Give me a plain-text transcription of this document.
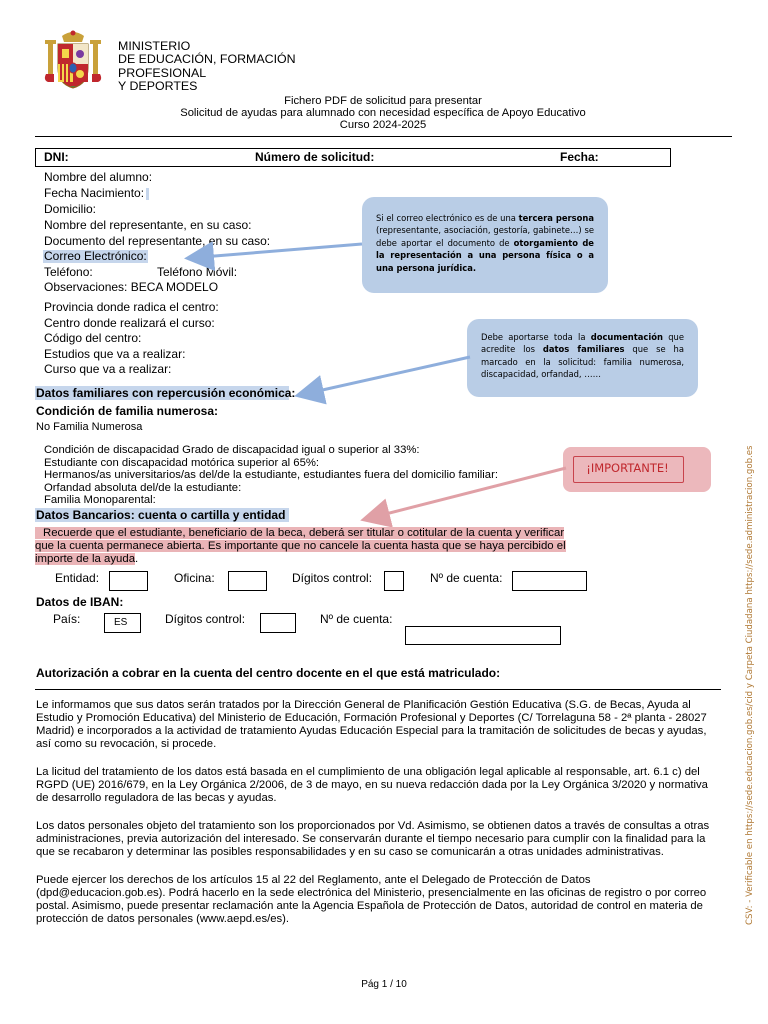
MINISTERIO
DE EDUCACIÓN, FORMACIÓN
PROFESIONAL
Y DEPORTES
Fichero PDF de solicitud para presentar
Solicitud de ayudas para alumnado con necesidad específica de Apoyo Educativo
Curso 2024-2025
DNI:	Número de solicitud:	Fecha:
Nombre del alumno:
Fecha Nacimiento:
Domicilio:
Nombre del representante, en su caso:
Documento del representante, en su caso:
Correo Electrónico:
Teléfono:	Teléfono Móvil:
Observaciones: BECA MODELO
Provincia donde radica el centro:
Centro donde realizará el curso:
Código del centro:
Estudios que va a realizar:
Curso que va a realizar:
Si el correo electrónico es de una tercera persona (representante, asociación, gestoría, gabinete…) se debe aportar el documento de otorgamiento de la representación a una persona física o a una persona jurídica.
Debe aportarse toda la documentación que acredite los datos familiares que se ha marcado en la solicitud: familia numerosa, discapacidad, orfandad, ……
¡IMPORTANTE!
Datos familiares con repercusión económica:
Condición de familia numerosa:
No Familia Numerosa
Condición de discapacidad Grado de discapacidad igual o superior al 33%:
Estudiante con discapacidad motórica superior al 65%:
Hermanos/as universitarios/as del/de la estudiante, estudiantes fuera del domicilio familiar:
Orfandad absoluta del/de la estudiante:
Familia Monoparental:
Datos Bancarios: cuenta o cartilla y entidad
Recuerde que el estudiante, beneficiario de la beca, deberá ser titular o cotitular de la cuenta y verificar
que la cuenta permanece abierta. Es importante que no cancele la cuenta hasta que se haya percibido el
importe de la ayuda.
Entidad:	Oficina:	Dígitos control:	Nº de cuenta:
Datos de IBAN:
País:	ES	Dígitos control:	Nº de cuenta:
Autorización a cobrar en la cuenta del centro docente en el que está matriculado:
Le informamos que sus datos serán tratados por la Dirección General de Planificación Gestión Educativa (S.G. de Becas, Ayuda al
Estudio y Promoción Educativa) del Ministerio de Educación, Formación Profesional y Deportes (C/ Torrelaguna 58 - 2ª planta - 28027
Madrid) e incorporados a la actividad de tratamiento Ayudas Educación Especial para la tramitación de solicitudes de becas y ayudas,
así como su revocación, si procede.
La licitud del tratamiento de los datos está basada en el cumplimiento de una obligación legal aplicable al responsable, art. 6.1 c) del
RGPD (UE) 2016/679, en la Ley Orgánica 2/2006, de 3 de mayo, en su nueva redacción dada por la Ley Orgánica 3/2020 y normativa
de desarrollo reguladora de las becas y ayudas.
Los datos personales objeto del tratamiento son los proporcionados por Vd. Asimismo, se obtienen datos a través de consultas a otras
administraciones, previa autorización del interesado. Se conservarán durante el tiempo necesario para cumplir con la finalidad para la
que se recabaron y determinar las posibles responsabilidades y en su caso se comunicarán a otras unidades administrativas.
Puede ejercer los derechos de los artículos 15 al 22 del Reglamento, ante el Delegado de Protección de Datos
(dpd@educacion.gob.es). Podrá hacerlo en la sede electrónica del Ministerio, presencialmente en las oficinas de registro o por correo
postal. Asimismo, puede presentar reclamación ante la Agencia Española de Protección de Datos, autoridad de control en materia de
protección de datos personales (www.aepd.es/es).
Pág 1 / 10
CSV: - Verificable en https://sede.educacion.gob.es/cid y Carpeta Ciudadana https://sede.administracion.gob.es
